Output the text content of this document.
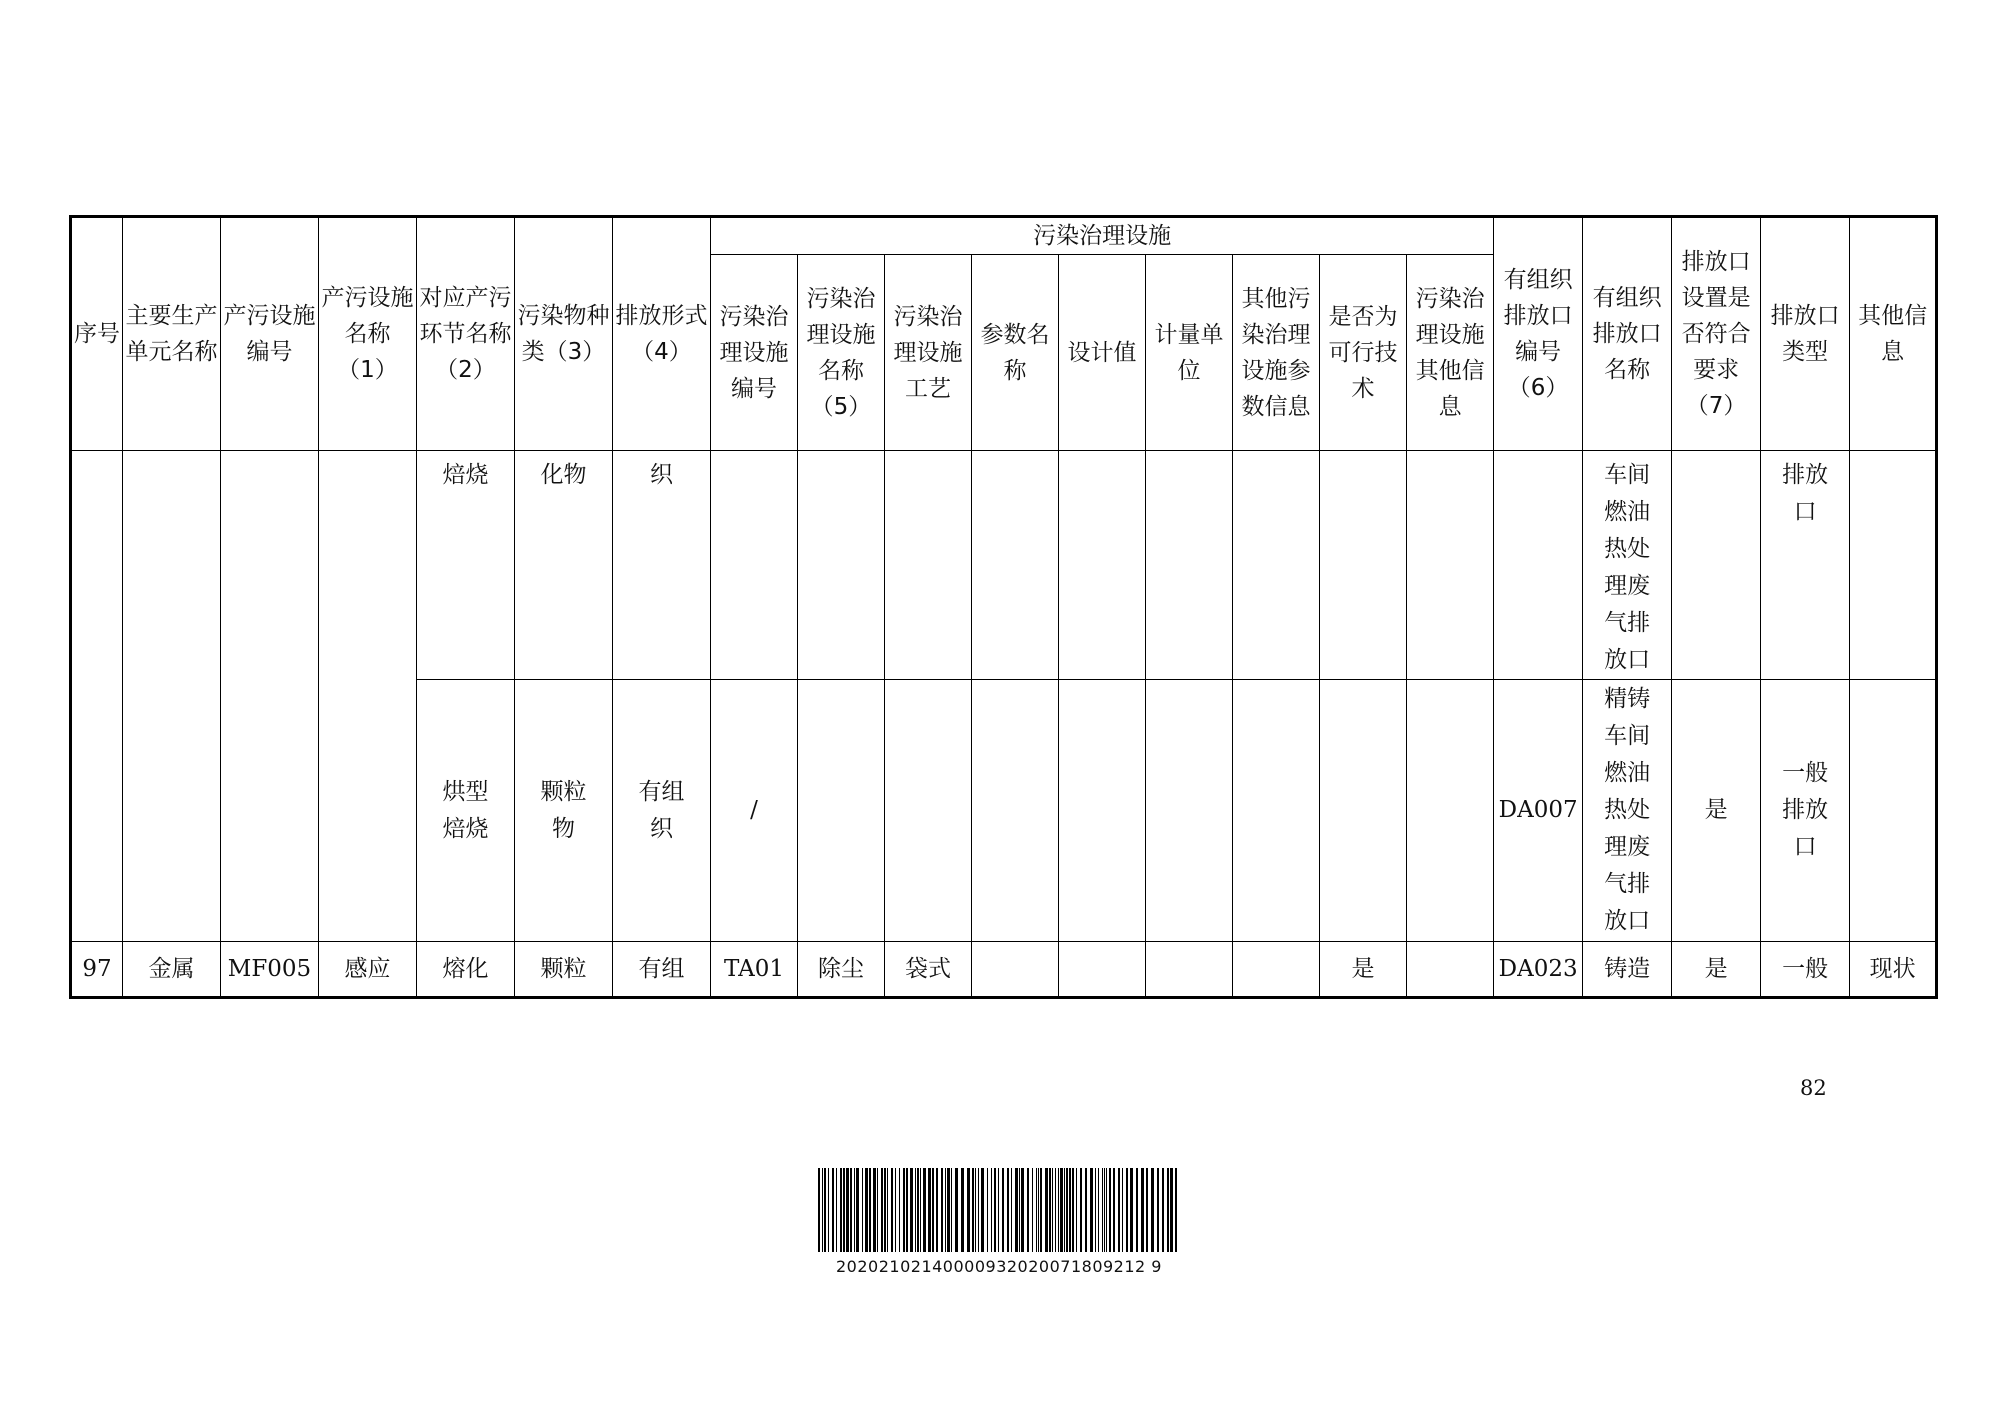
序号	主要生产单元名称	产污设施编号	产污设施名称（1）	对应产污环节名称（2）	污染物种类（3）	排放形式（4）	污染治理设施									有组织排放口编号（6）	有组织排放口名称	排放口设置是否符合要求（7）	排放口类型	其他信息
							污染治理设施编号	污染治理设施名称（5）	污染治理设施工艺	参数名称	设计值	计量单位	其他污染治理设施参数信息	是否为可行技术	污染治理设施其他信息					
				焙烧	化物	织											车间燃油热处理废气排放口		排放口	

				烘型焙烧	颗粒物	有组织	/									DA007	精铸车间燃油热处理废气排放口	是	一般排放口	

97	金属	MF005	感应	熔化	颗粒	有组	TA01	除尘	袋式					是		DA023	铸造	是	一般	现状
82
20202102140000932020071809212 9
